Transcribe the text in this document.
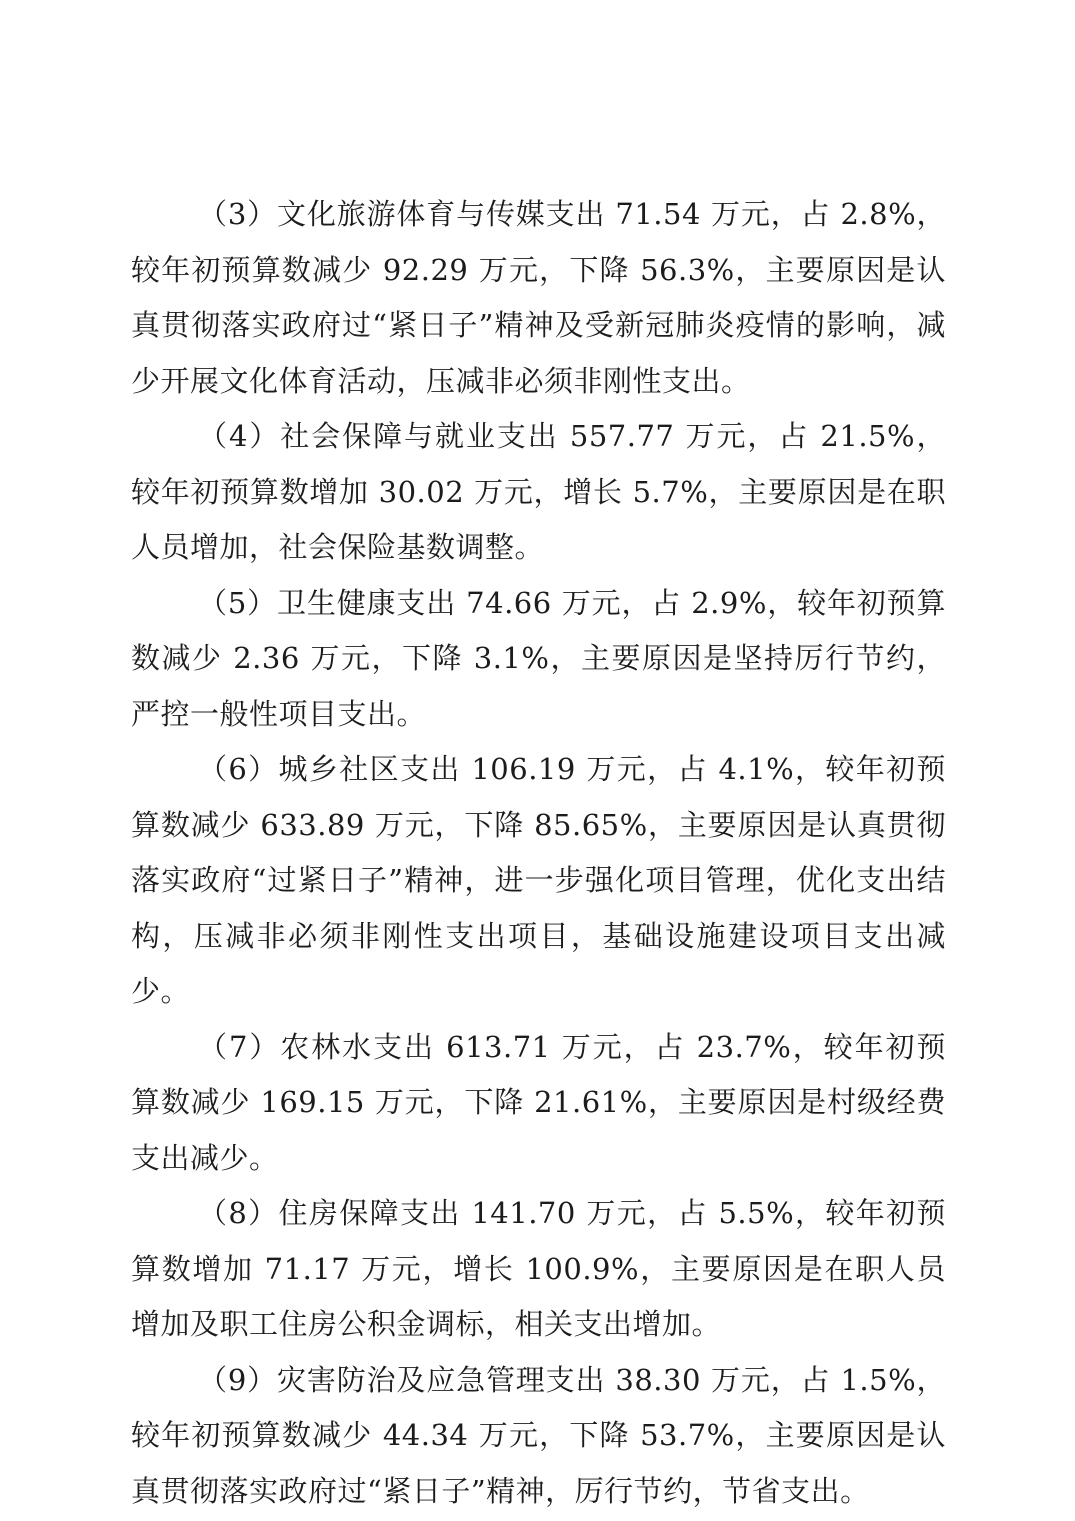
（3）文化旅游体育与传媒支出 71.54 万元，占 2.8%，较年初预算数减少 92.29 万元，下降 56.3%，主要原因是认真贯彻落实政府过“紧日子”精神及受新冠肺炎疫情的影响，减少开展文化体育活动，压减非必须非刚性支出。

（4）社会保障与就业支出 557.77 万元，占 21.5%，较年初预算数增加 30.02 万元，增长 5.7%，主要原因是在职人员增加，社会保险基数调整。

（5）卫生健康支出 74.66 万元，占 2.9%，较年初预算数减少 2.36 万元，下降 3.1%，主要原因是坚持厉行节约，严控一般性项目支出。

（6）城乡社区支出 106.19 万元，占 4.1%，较年初预算数减少 633.89 万元，下降 85.65%，主要原因是认真贯彻落实政府“过紧日子”精神，进一步强化项目管理，优化支出结构，压减非必须非刚性支出项目，基础设施建设项目支出减少。

（7）农林水支出 613.71 万元，占 23.7%，较年初预算数减少 169.15 万元，下降 21.61%，主要原因是村级经费支出减少。

（8）住房保障支出 141.70 万元，占 5.5%，较年初预算数增加 71.17 万元，增长 100.9%，主要原因是在职人员增加及职工住房公积金调标，相关支出增加。

（9）灾害防治及应急管理支出 38.30 万元，占 1.5%，较年初预算数减少 44.34 万元，下降 53.7%，主要原因是认真贯彻落实政府过“紧日子”精神，厉行节约，节省支出。
